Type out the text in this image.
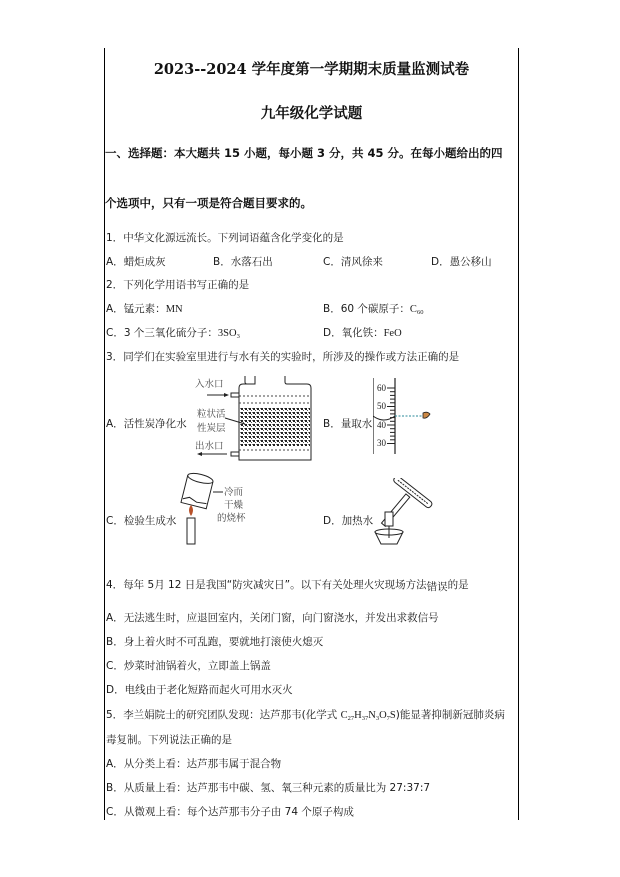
2023--2024 学年度第一学期期末质量监测试卷
九年级化学试题
一、选择题：本大题共 15 小题，每小题 3 分，共 45 分。在每小题给出的四
个选项中，只有一项是符合题目要求的。
1．中华文化源远流长。下列词语蕴含化学变化的是
A．蜡炬成灰	B．水落石出	C．清风徐来	D．愚公移山
2．下列化学用语书写正确的是
A．锰元素：MN	B．60 个碳原子：$C_{60}$
C．3 个三氧化硫分子：$3SO_3$	D．氧化铁：FeO
3．同学们在实验室里进行与水有关的实验时，所涉及的操作或方法正确的是
A．活性炭净化水
入水口
粒状活
性炭层
出水口
B．量取水
60
50
40
30
C．检验生成水
冷而
干燥
的烧杯	D．加热水
4．每年 5月 12 日是我国“防灾减灾日”。以下有关处理火灾现场方法错误的是
A．无法逃生时，应退回室内，关闭门窗，向门窗浇水，并发出求救信号
B．身上着火时不可乱跑，要就地打滚使火熄灭
C．炒菜时油锅着火，立即盖上锅盖
D．电线由于老化短路而起火可用水灭火
5．李兰娟院士的研究团队发现：达芦那韦(化学式 $C_{27}H_{37}N_3O_7S$)能显著抑制新冠肺炎病
毒复制。下列说法正确的是
A．从分类上看：达芦那韦属于混合物
B．从质量上看：达芦那韦中碳、氢、氧三种元素的质量比为 27:37:7
C．从微观上看：每个达芦那韦分子由 74 个原子构成
